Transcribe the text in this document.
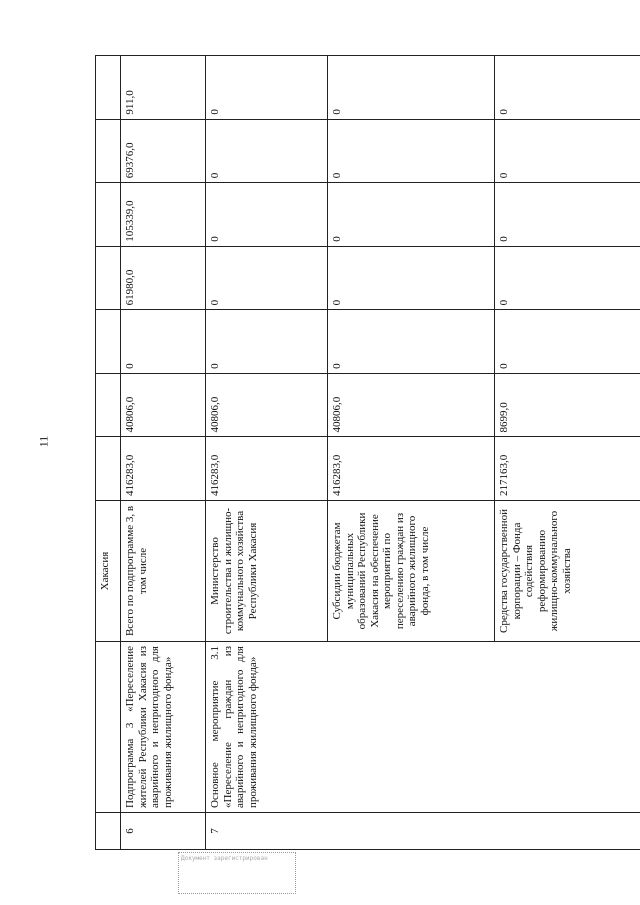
11
		Хакасия							
6	Подпрограмма 3 «Переселение жителей Республики Хакасия из аварийного и непригодного для проживания жилищного фонда»	Всего по подпрограмме 3, в том числе	416283,0	40806,0	0	61980,0	105339,0	69376,0	911,0
7	Основное мероприятие 3.1 «Переселение граждан из аварийного и непригодного для проживания жилищного фонда»	Министерство строительства и жилищно-коммунального хозяйства Республики Хакасия	416283,0	40806,0	0	0	0	0	0
		Субсидии бюджетам муниципальных образований Республики Хакасия на обеспечение мероприятий по переселению граждан из аварийного жилищного фонда, в том числе	416283,0	40806,0	0	0	0	0	0
		Средства государственной корпорации – Фонда содействия реформированию жилищно-коммунального хозяйства	217163,0	8699,0	0	0	0	0	0
Документ зарегистрирован
